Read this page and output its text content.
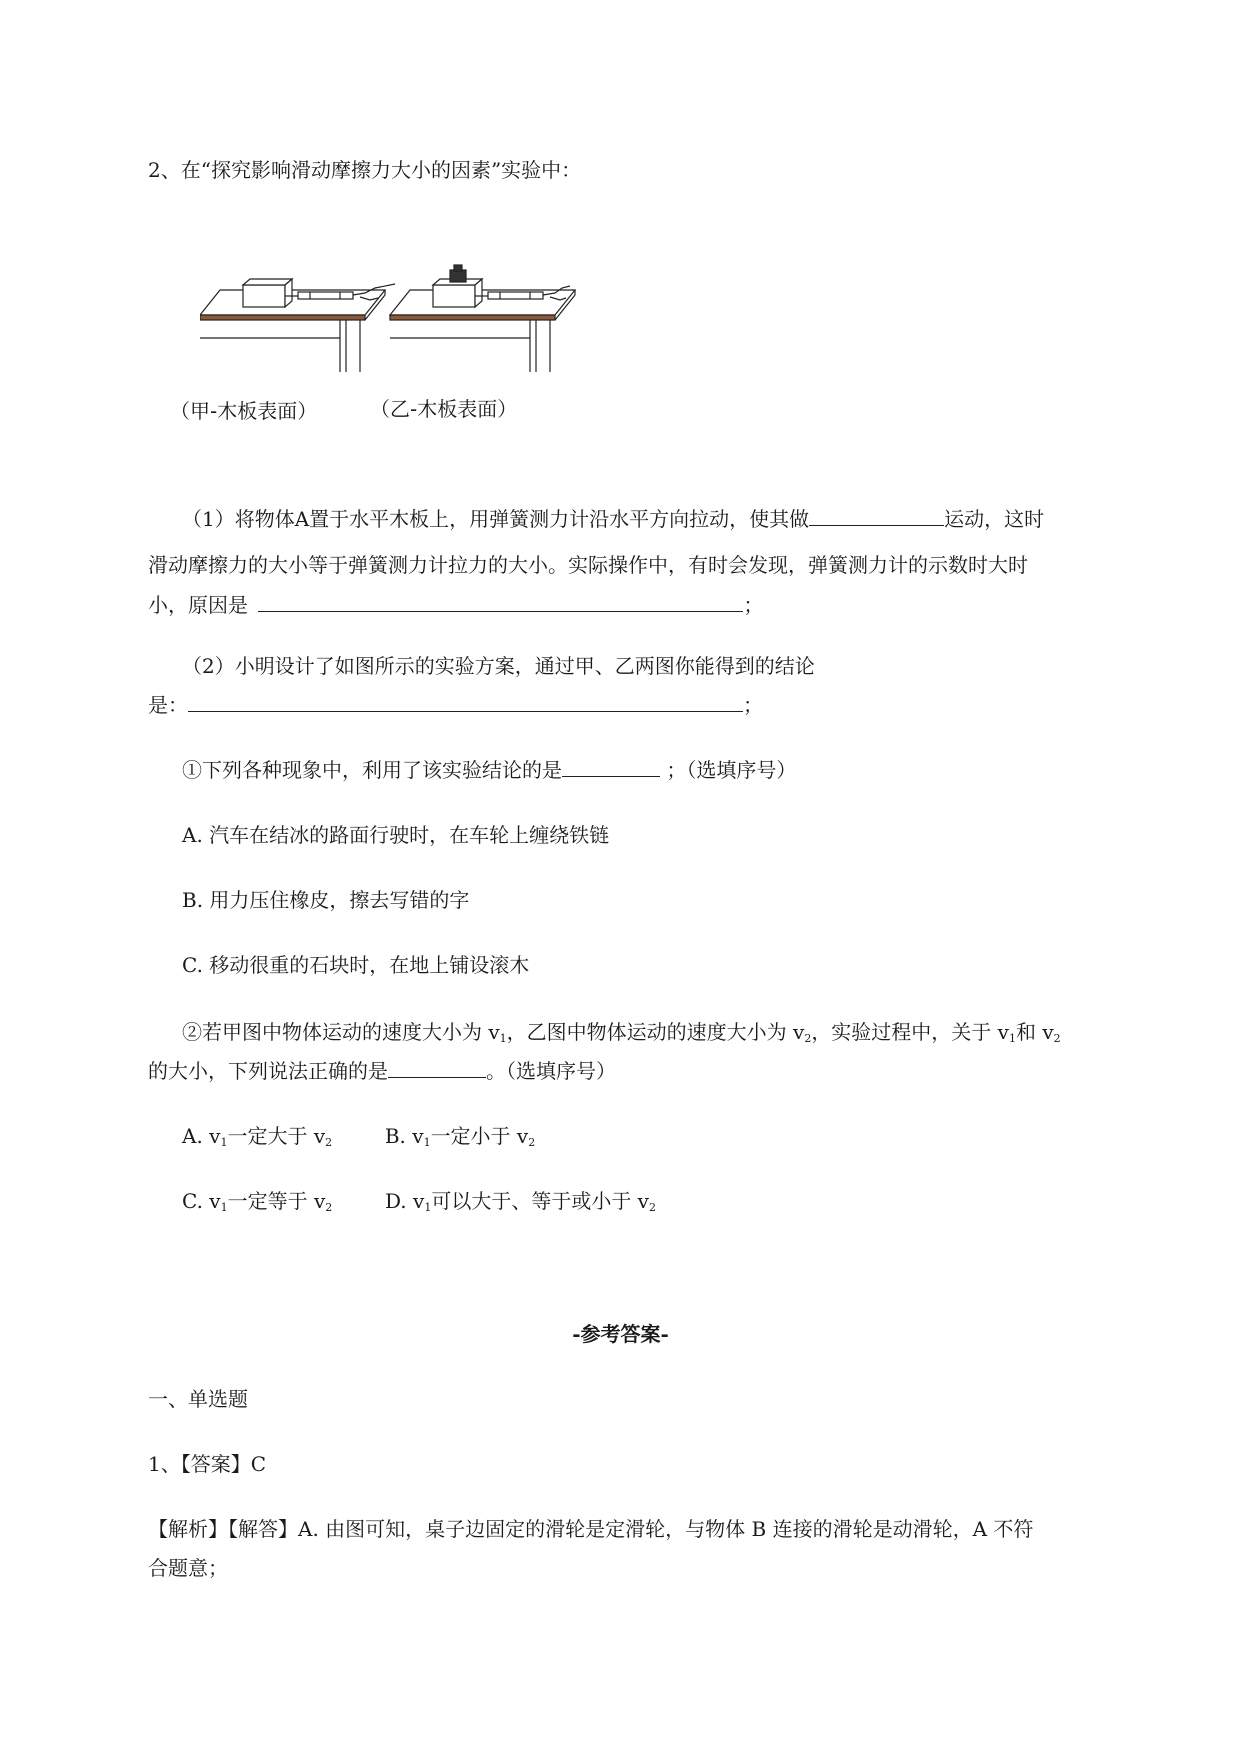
2、在“探究影响滑动摩擦力大小的因素”实验中：
（甲-木板表面）	（乙-木板表面）
（1）将物体A置于水平木板上，用弹簧测力计沿水平方向拉动，使其做	运动，这时
滑动摩擦力的大小等于弹簧测力计拉力的大小。实际操作中，有时会发现，弹簧测力计的示数时大时
小，原因是	；
（2）小明设计了如图所示的实验方案，通过甲、乙两图你能得到的结论
是：	；
①下列各种现象中，利用了该实验结论的是	；（选填序号）
A. 汽车在结冰的路面行驶时，在车轮上缠绕铁链
B. 用力压住橡皮，擦去写错的字
C. 移动很重的石块时，在地上铺设滚木
②若甲图中物体运动的速度大小为 $v_1$，乙图中物体运动的速度大小为 $v_2$，实验过程中，关于 $v_1$和 $v_2$
的大小，下列说法正确的是	。（选填序号）
A. $v_1$一定大于 $v_2$	B. $v_1$一定小于 $v_2$
C. $v_1$一定等于 $v_2$	D. $v_1$可以大于、等于或小于 $v_2$
-参考答案-
一、单选题
1、【答案】C
【解析】【解答】A. 由图可知，桌子边固定的滑轮是定滑轮，与物体 B 连接的滑轮是动滑轮，A 不符
合题意；
